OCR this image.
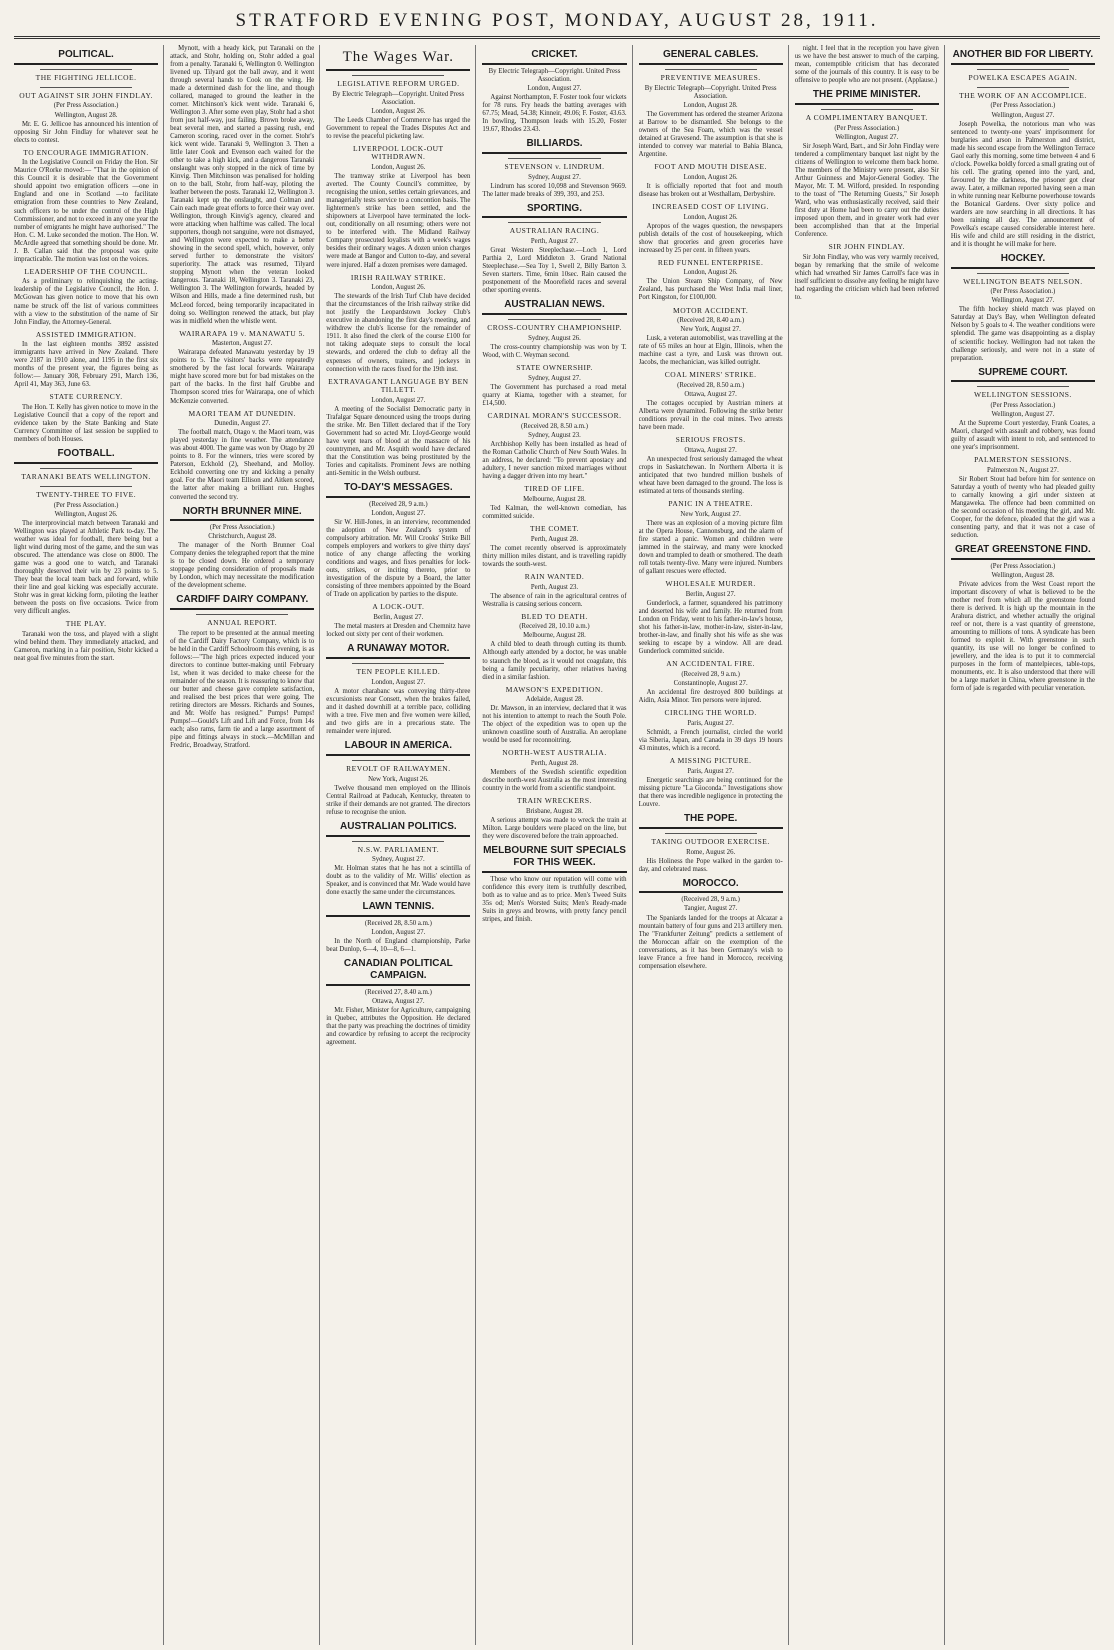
STRATFORD EVENING POST, MONDAY, AUGUST 28, 1911.
POLITICAL.
THE FIGHTING JELLICOE.
OUT AGAINST SIR JOHN FINDLAY.
(Per Press Association.)
Wellington, August 28.

Mr. E. G. Jellicoe has announced his intention of opposing Sir John Findlay for whatever seat he elects to contest.

TO ENCOURAGE IMMIGRATION.

In the Legislative Council on Friday the Hon. Sir Maurice O'Rorke moved:— "That in the opinion of this Council it is desirable that the Government should appoint two emigration officers —one in England and one in Scotland —to facilitate emigration from these countries to New Zealand, such officers to be under the control of the High Commissioner, and not to exceed in any one year the number of emigrants he might have authorised." The Hon. C. M. Luke seconded the motion. The Hon. W. McArdle agreed that something should be done. Mr. J. B. Callan said that the proposal was quite impracticable. The motion was lost on the voices.

LEADERSHIP OF THE COUNCIL.

As a preliminary to relinquishing the acting-leadership of the Legislative Council, the Hon. J. McGowan has given notice to move that his own name be struck off the list of various committees with a view to the substitution of the name of Sir John Findlay, the Attorney-General.

ASSISTED IMMIGRATION.

In the last eighteen months 3892 assisted immigrants have arrived in New Zealand. There were 2187 in 1910 alone, and 1195 in the first six months of the present year, the figures being as follow:— January 308, February 291, March 136, April 41, May 363, June 63.

STATE CURRENCY.

The Hon. T. Kelly has given notice to move in the Legislative Council that a copy of the report and evidence taken by the State Banking and State Currency Committee of last session be supplied to members of both Houses.

FOOTBALL.
TARANAKI BEATS WELLINGTON.
TWENTY-THREE TO FIVE.
(Per Press Association.)
Wellington, August 26.

The interprovincial match between Taranaki and Wellington was played at Athletic Park to-day. The weather was ideal for football, there being but a light wind during most of the game, and the sun was obscured. The attendance was close on 8000. The game was a good one to watch, and Taranaki thoroughly deserved their win by 23 points to 5. They beat the local team back and forward, while their line and goal kicking was especially accurate. Stohr was in great kicking form, piloting the leather between the posts on five occasions. Twice from very difficult angles.

THE PLAY.

Taranaki won the toss, and played with a slight wind behind them. They immediately attacked, and Cameron, marking in a fair position, Stohr kicked a neat goal five minutes from the start.

Mynott, with a heady kick, put Taranaki on the attack, and Stohr, holding on, Stohr added a goal from a penalty. Taranaki 6, Wellington 0. Wellington livened up. Tilyard got the ball away, and it went through several hands to Cook on the wing. He made a determined dash for the line, and though collared, managed to ground the leather in the corner. Mitchinson's kick went wide. Taranaki 6, Wellington 3. After some even play, Stohr had a shot from just half-way, just failing. Brown broke away, beat several men, and started a passing rush, end Cameron scoring, raced over in the corner. Stohr's kick went wide. Taranaki 9, Wellington 3. Then a little later Cook and Evenson each waited for the other to take a high kick, and a dangerous Taranaki onslaught was only stopped in the nick of time by Kinvig. Then Mitchinson was penalised for holding on to the ball, Stohr, from half-way, piloting the leather between the posts. Taranaki 12, Wellington 3. Taranaki kept up the onslaught, and Colman and Cain each made great efforts to force their way over. Wellington, through Kinvig's agency, cleared and were attacking when halftime was called. The local supporters, though not sanguine, were not dismayed, and Wellington were expected to make a better showing in the second spell, which, however, only served further to demonstrate the visitors' superiority. The attack was resumed, Tilyard stopping Mynott when the veteran looked dangerous. Taranaki 18, Wellington 3. Taranaki 23, Wellington 3. The Wellington forwards, headed by Wilson and Hills, made a fine determined rush, but McLeod forced, being temporarily incapacitated in doing so. Wellington renewed the attack, but play was in midfield when the whistle went.

WAIRARAPA 19 v. MANAWATU 5.
Masterton, August 27.

Wairarapa defeated Manawatu yesterday by 19 points to 5. The visitors' backs were repeatedly smothered by the fast local forwards. Wairarapa might have scored more but for bad mistakes on the part of the backs. In the first half Grubbe and Thompson scored tries for Wairarapa, one of which McKenzie converted.

MAORI TEAM AT DUNEDIN.
Dunedin, August 27.

The football match, Otago v. the Maori team, was played yesterday in fine weather. The attendance was about 4000. The game was won by Otago by 20 points to 8. For the winners, tries were scored by Paterson, Eckhold (2), Sheehand, and Molloy. Eckhold converting one try and kicking a penalty goal. For the Maori team Ellison and Aitken scored, the latter after making a brilliant run. Hughes converted the second try.

NORTH BRUNNER MINE.
(Per Press Association.)
Christchurch, August 28.

The manager of the North Brunner Coal Company denies the telegraphed report that the mine is to be closed down. He ordered a temporary stoppage pending consideration of proposals made by London, which may necessitate the modification of the development scheme.

CARDIFF DAIRY COMPANY.
ANNUAL REPORT.

The report to be presented at the annual meeting of the Cardiff Dairy Factory Company, which is to be held in the Cardiff Schoolroom this evening, is as follows:—"The high prices expected induced your directors to continue butter-making until February 1st, when it was decided to make cheese for the remainder of the season. It is reassuring to know that our butter and cheese gave complete satisfaction, and realised the best prices that were going. The retiring directors are Messrs. Richards and Sounes, and Mr. Wolfe has resigned." Pumps! Pumps! Pumps!—Gould's Lift and Lift and Force, from 14s each; also rams, farm tie and a large assortment of pipe and fittings always in stock.—McMillan and Fredric, Broadway, Stratford.

The Wages War.
LEGISLATIVE REFORM URGED.
By Electric Telegraph—Copyright. United Press Association.
London, August 26.

The Leeds Chamber of Commerce has urged the Government to repeal the Trades Disputes Act and to revise the peaceful picketing law.

LIVERPOOL LOCK-OUT WITHDRAWN.
London, August 26.

The tramway strike at Liverpool has been averted. The County Council's committee, by recognising the union, settles certain grievances, and managerially tests service to a concontion basis. The lightermen's strike has been settled, and the shipowners at Liverpool have terminated the lock-out, conditionally on all resuming; others were not to be interfered with. The Midland Railway Company prosecuted loyalists with a week's wages besides their ordinary wages. A dozen union charges were made at Bangor and Cutton to-day, and several were injured. Half a dozen premises were damaged.

IRISH RAILWAY STRIKE.
London, August 26.

The stewards of the Irish Turf Club have decided that the circumstances of the Irish railway strike did not justify the Leopardstown Jockey Club's executive in abandoning the first day's meeting, and withdrew the club's license for the remainder of 1911. It also fined the clerk of the course £100 for not taking adequate steps to consult the local stewards, and ordered the club to defray all the expenses of owners, trainers, and jockeys in connection with the races fixed for the 19th inst.

EXTRAVAGANT LANGUAGE BY BEN TILLETT.
London, August 27.

A meeting of the Socialist Democratic party in Trafalgar Square denounced using the troops during the strike. Mr. Ben Tillett declared that if the Tory Government had so acted Mr. Lloyd-George would have wept tears of blood at the massacre of his countrymen, and Mr. Asquith would have declared that the Constitution was being prostituted by the Tories and capitalists. Prominent Jews are nothing anti-Semitic in the Welsh outburst.

TO-DAY'S MESSAGES.
(Received 28, 9 a.m.)
London, August 27.

Sir W. Hill-Jones, in an interview, recommended the adoption of New Zealand's system of compulsory arbitration. Mr. Will Crooks' Strike Bill compels employers and workers to give thirty days' notice of any change affecting the working conditions and wages, and fixes penalties for lock-outs, strikes, or inciting thereto, prior to investigation of the dispute by a Board, the latter consisting of three members appointed by the Board of Trade on application by parties to the dispute.

A LOCK-OUT.
Berlin, August 27.

The metal masters at Dresden and Chemnitz have locked out sixty per cent of their workmen.

A RUNAWAY MOTOR.
TEN PEOPLE KILLED.
London, August 27.

A motor charabanc was conveying thirty-three excursionists near Consett, when the brakes failed, and it dashed downhill at a terrible pace, colliding with a tree. Five men and five women were killed, and two girls are in a precarious state. The remainder were injured.

LABOUR IN AMERICA.
REVOLT OF RAILWAYMEN.
New York, August 26.

Twelve thousand men employed on the Illinois Central Railroad at Paducah, Kentucky, threaten to strike if their demands are not granted. The directors refuse to recognise the union.

AUSTRALIAN POLITICS.
N.S.W. PARLIAMENT.
Sydney, August 27.

Mr. Holman states that he has not a scintilla of doubt as to the validity of Mr. Willis' election as Speaker, and is convinced that Mr. Wade would have done exactly the same under the circumstances.

LAWN TENNIS.
(Received 28, 8.50 a.m.)
London, August 27.

In the North of England championship, Parke beat Dunlop, 6—4, 10—8, 6—1.

CANADIAN POLITICAL CAMPAIGN.
(Received 27, 8.40 a.m.)
Ottawa, August 27.

Mr. Fisher, Minister for Agriculture, campaigning in Quebec, attributes the Opposition. He declared that the party was preaching the doctrines of timidity and cowardice by refusing to accept the reciprocity agreement.

CRICKET.
By Electric Telegraph—Copyright. United Press Association.
London, August 27.

Against Northampton, F. Foster took four wickets for 78 runs. Fry heads the batting averages with 67.75; Mead, 54.38; Kinneir, 49.06; F. Foster, 43.63. In bowling, Thompson leads with 15.20, Foster 19.67, Rhodes 23.43.

BILLIARDS.
STEVENSON v. LINDRUM.
Sydney, August 27.

Lindrum has scored 10,098 and Stevenson 9669. The latter made breaks of 399, 393, and 253.

SPORTING.
AUSTRALIAN RACING.
Perth, August 27.

Great Western Steeplechase.—Loch 1, Lord Parthia 2, Lord Middleton 3. Grand National Steeplechase.—Sea Toy 1, Swell 2, Billy Barton 3. Seven starters. Time, 6min 10sec. Rain caused the postponement of the Moorefield races and several other sporting events.

AUSTRALIAN NEWS.
CROSS-COUNTRY CHAMPIONSHIP.
Sydney, August 26.

The cross-country championship was won by T. Wood, with C. Weyman second.

STATE OWNERSHIP.
Sydney, August 27.

The Government has purchased a road metal quarry at Kiama, together with a steamer, for £14,500.

CARDINAL MORAN'S SUCCESSOR.
(Received 28, 8.50 a.m.)
Sydney, August 23.

Archbishop Kelly has been installed as head of the Roman Catholic Church of New South Wales. In an address, he declared: "To prevent apostacy and adultery, I never sanction mixed marriages without having a dagger driven into my heart."

TIRED OF LIFE.
Melbourne, August 28.

Ted Kalman, the well-known comedian, has committed suicide.

THE COMET.
Perth, August 28.

The comet recently observed is approximately thirty million miles distant, and is travelling rapidly towards the south-west.

RAIN WANTED.
Perth, August 23.

The absence of rain in the agricultural centres of Westralia is causing serious concern.

BLED TO DEATH.
(Received 28, 10.10 a.m.)
Melbourne, August 28.

A child bled to death through cutting its thumb. Although early attended by a doctor, he was unable to staunch the blood, as it would not coagulate, this being a family peculiarity, other relatives having died in a similar fashion.

MAWSON'S EXPEDITION.
Adelaide, August 28.

Dr. Mawson, in an interview, declared that it was not his intention to attempt to reach the South Pole. The object of the expedition was to open up the unknown coastline south of Australia. An aeroplane would be used for reconnoitring.

NORTH-WEST AUSTRALIA.
Perth, August 28.

Members of the Swedish scientific expedition describe north-west Australia as the most interesting country in the world from a scientific standpoint.

TRAIN WRECKERS.
Brisbane, August 28.

A serious attempt was made to wreck the train at Milton. Large boulders were placed on the line, but they were discovered before the train approached.

MELBOURNE SUIT SPECIALS FOR THIS WEEK.

Those who know our reputation will come with confidence this every item is truthfully described, both as to value and as to price. Men's Tweed Suits 35s od; Men's Worsted Suits; Men's Ready-made Suits in greys and browns, with pretty fancy pencil stripes, and finish.

GENERAL CABLES.
PREVENTIVE MEASURES.
By Electric Telegraph—Copyright. United Press Association.
London, August 28.

The Government has ordered the steamer Arizona at Barrow to be dismantled. She belongs to the owners of the Sea Foam, which was the vessel detained at Gravesend. The assumption is that she is intended to convey war material to Bahia Blanca, Argentine.

FOOT AND MOUTH DISEASE.
London, August 26.

It is officially reported that foot and mouth disease has broken out at Westhallam, Derbyshire.

INCREASED COST OF LIVING.
London, August 26.

Apropos of the wages question, the newspapers publish details of the cost of housekeeping, which show that groceries and green groceries have increased by 25 per cent. in fifteen years.

RED FUNNEL ENTERPRISE.
London, August 26.

The Union Steam Ship Company, of New Zealand, has purchased the West India mail liner, Port Kingston, for £100,000.

MOTOR ACCIDENT.
(Received 28, 8.40 a.m.)
New York, August 27.

Lusk, a veteran automobilist, was travelling at the rate of 65 miles an hour at Elgin, Illinois, when the machine cast a tyre, and Lusk was thrown out. Jacobs, the mechanician, was killed outright.

COAL MINERS' STRIKE.
(Received 28, 8.50 a.m.)
Ottawa, August 27.

The cottages occupied by Austrian miners at Alberta were dynamited. Following the strike better conditions prevail in the coal mines. Two arrests have been made.

SERIOUS FROSTS.
Ottawa, August 27.

An unexpected frost seriously damaged the wheat crops in Saskatchewan. In Northern Alberta it is anticipated that two hundred million bushels of wheat have been damaged to the ground. The loss is estimated at tens of thousands sterling.

PANIC IN A THEATRE.
New York, August 27.

There was an explosion of a moving picture film at the Opera House, Cannonsburg, and the alarm of fire started a panic. Women and children were jammed in the stairway, and many were knocked down and trampled to death or smothered. The death roll totals twenty-five. Many were injured. Numbers of gallant rescues were effected.

WHOLESALE MURDER.
Berlin, August 27.

Gunderlock, a farmer, squandered his patrimony and deserted his wife and family. He returned from London on Friday, went to his father-in-law's house, shot his father-in-law, mother-in-law, sister-in-law, brother-in-law, and finally shot his wife as she was seeking to escape by a window. All are dead. Gunderlock committed suicide.

AN ACCIDENTAL FIRE.
(Received 28, 9 a.m.)
Constantinople, August 27.

An accidental fire destroyed 800 buildings at Aidin, Asia Minor. Ten persons were injured.

CIRCLING THE WORLD.
Paris, August 27.

Schmidt, a French journalist, circled the world via Siberia, Japan, and Canada in 39 days 19 hours 43 minutes, which is a record.

A MISSING PICTURE.
Paris, August 27.

Energetic searchings are being continued for the missing picture "La Gioconda." Investigations show that there was incredible negligence in protecting the Louvre.

THE POPE.
TAKING OUTDOOR EXERCISE.
Rome, August 26.

His Holiness the Pope walked in the garden to-day, and celebrated mass.

MOROCCO.
(Received 28, 9 a.m.)
Tangier, August 27.

The Spaniards landed for the troops at Alcazar a mountain battery of four guns and 213 artillery men. The "Frankfurter Zeitung" predicts a settlement of the Moroccan affair on the exemption of the conversations, as it has been Germany's wish to leave France a free hand in Morocco, receiving compensation elsewhere.

night. I feel that in the reception you have given us we have the best answer to much of the carping, mean, contemptible criticism that has decorated some of the journals of this country. It is easy to be offensive to people who are not present. (Applause.)

THE PRIME MINISTER.
A COMPLIMENTARY BANQUET.
(Per Press Association.)
Wellington, August 27.

Sir Joseph Ward, Bart., and Sir John Findlay were tendered a complimentary banquet last night by the citizens of Wellington to welcome them back home. The members of the Ministry were present, also Sir Arthur Guinness and Major-General Godley. The Mayor, Mr. T. M. Wilford, presided. In responding to the toast of "The Returning Guests," Sir Joseph Ward, who was enthusiastically received, said their first duty at Home had been to carry out the duties imposed upon them, and in greater work had ever been accomplished than that at the Imperial Conference.

SIR JOHN FINDLAY.

Sir John Findlay, who was very warmly received, began by remarking that the smile of welcome which had wreathed Sir James Carroll's face was in itself sufficient to dissolve any feeling he might have had regarding the criticism which had been referred to.

ANOTHER BID FOR LIBERTY.
POWELKA ESCAPES AGAIN.
THE WORK OF AN ACCOMPLICE.
(Per Press Association.)
Wellington, August 27.

Joseph Powelka, the notorious man who was sentenced to twenty-one years' imprisonment for burglaries and arson in Palmerston and district, made his second escape from the Wellington Terrace Gaol early this morning, some time between 4 and 6 o'clock. Powelka boldly forced a small grating out of his cell. The grating opened into the yard, and, favoured by the darkness, the prisoner got clear away. Later, a milkman reported having seen a man in white running near Kelburne powerhouse towards the Botanical Gardens. Over sixty police and warders are now searching in all directions. It has been raining all day. The announcement of Powelka's escape caused considerable interest here. His wife and child are still residing in the district, and it is thought he will make for here.

HOCKEY.
WELLINGTON BEATS NELSON.
(Per Press Association.)
Wellington, August 27.

The fifth hockey shield match was played on Saturday at Day's Bay, when Wellington defeated Nelson by 5 goals to 4. The weather conditions were splendid. The game was disappointing as a display of scientific hockey. Wellington had not taken the challenge seriously, and were not in a state of preparation.

SUPREME COURT.
WELLINGTON SESSIONS.
(Per Press Association.)
Wellington, August 27.

At the Supreme Court yesterday, Frank Coates, a Maori, charged with assault and robbery, was found guilty of assault with intent to rob, and sentenced to one year's imprisonment.

PALMERSTON SESSIONS.
Palmerston N., August 27.

Sir Robert Stout had before him for sentence on Saturday a youth of twenty who had pleaded guilty to carnally knowing a girl under sixteen at Mangaweka. The offence had been committed on the second occasion of his meeting the girl, and Mr. Cooper, for the defence, pleaded that the girl was a consenting party, and that it was not a case of seduction.

GREAT GREENSTONE FIND.
(Per Press Association.)
Wellington, August 28.

Private advices from the West Coast report the important discovery of what is believed to be the mother reef from which all the greenstone found there is derived. It is high up the mountain in the Arahura district, and whether actually the original reef or not, there is a vast quantity of greenstone, amounting to millions of tons. A syndicate has been formed to exploit it. With greenstone in such quantity, its use will no longer be confined to jewellery, and the idea is to put it to commercial purposes in the form of mantelpieces, table-tops, monuments, etc. It is also understood that there will be a large market in China, where greenstone in the form of jade is regarded with peculiar veneration.
